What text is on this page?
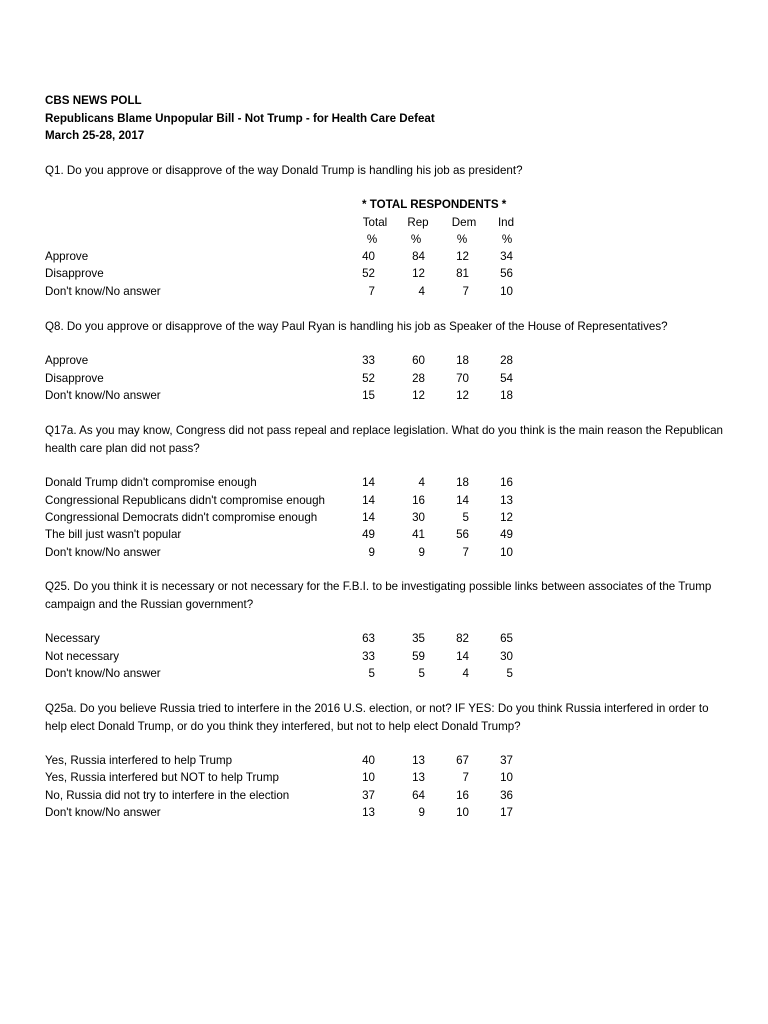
CBS NEWS POLL
Republicans Blame Unpopular Bill - Not Trump - for Health Care Defeat
March 25-28, 2017
Q1. Do you approve or disapprove of the way Donald Trump is handling his job as president?
* TOTAL RESPONDENTS *
Total	Rep	Dem	Ind
%	%	%	%
Approve	40	84	12	34
Disapprove	52	12	81	56
Don't know/No answer	7	4	7	10
Q8. Do you approve or disapprove of the way Paul Ryan is handling his job as Speaker of the House of Representatives?
Approve	33	60	18	28
Disapprove	52	28	70	54
Don't know/No answer	15	12	12	18
Q17a. As you may know, Congress did not pass repeal and replace legislation. What do you think is the main reason the Republican health care plan did not pass?
Donald Trump didn't compromise enough	14	4	18	16
Congressional Republicans didn't compromise enough	14	16	14	13
Congressional Democrats didn't compromise enough	14	30	5	12
The bill just wasn't popular	49	41	56	49
Don't know/No answer	9	9	7	10
Q25. Do you think it is necessary or not necessary for the F.B.I. to be investigating possible links between associates of the Trump campaign and the Russian government?
Necessary	63	35	82	65
Not necessary	33	59	14	30
Don't know/No answer	5	5	4	5
Q25a. Do you believe Russia tried to interfere in the 2016 U.S. election, or not? IF YES: Do you think Russia interfered in order to help elect Donald Trump, or do you think they interfered, but not to help elect Donald Trump?
Yes, Russia interfered to help Trump	40	13	67	37
Yes, Russia interfered but NOT to help Trump	10	13	7	10
No, Russia did not try to interfere in the election	37	64	16	36
Don't know/No answer	13	9	10	17
